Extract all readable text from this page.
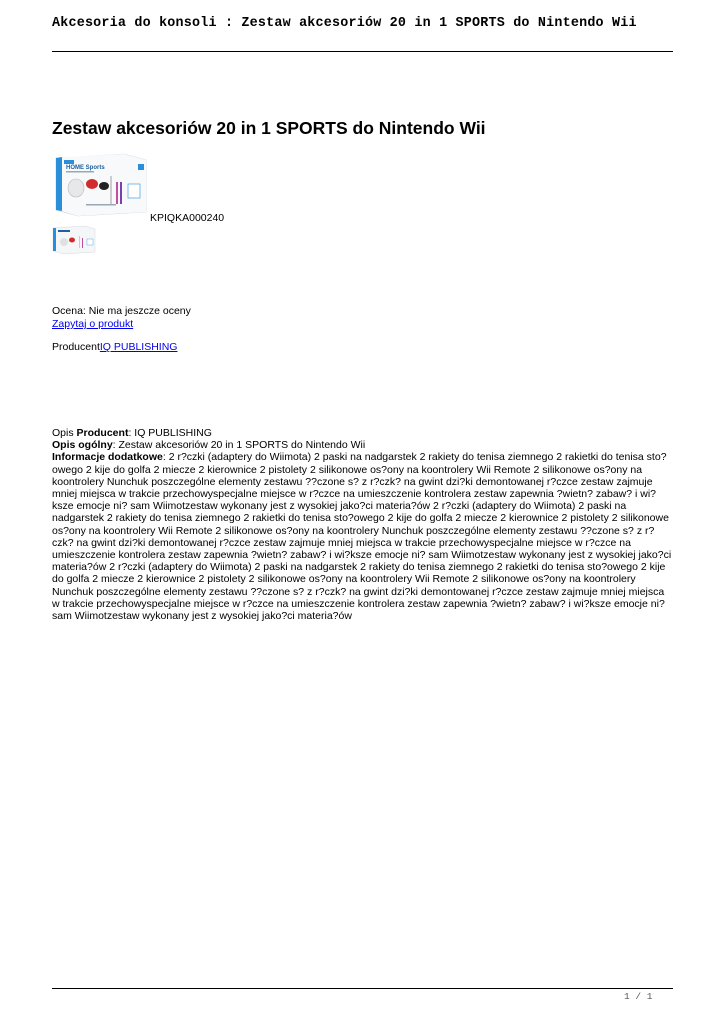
Akcesoria do konsoli : Zestaw akcesoriów 20 in 1 SPORTS do Nintendo Wii
Zestaw akcesoriów 20 in 1 SPORTS do Nintendo Wii
HOME Sports
KPIQKA000240
Ocena: Nie ma jeszcze oceny
Zapytaj o produkt
ProducentIQ PUBLISHING

Opis Producent: IQ PUBLISHING

Opis ogólny: Zestaw akcesoriów 20 in 1 SPORTS do Nintendo Wii

Informacje dodatkowe: 2 r?czki (adaptery do Wiimota) 2 paski na nadgarstek 2 rakiety do tenisa ziemnego 2 rakietki do tenisa sto?owego 2 kije do golfa 2 miecze 2 kierownice 2 pistolety 2 silikonowe os?ony na koontrolery Wii Remote 2 silikonowe os?ony na koontrolery Nunchuk poszczególne elementy zestawu ??czone s? z r?czk? na gwint dzi?ki demontowanej r?czce zestaw zajmuje mniej miejsca w trakcie przechowyspecjalne miejsce w r?czce na umieszczenie kontrolera zestaw zapewnia ?wietn? zabaw? i wi?ksze emocje ni? sam Wiimotzestaw wykonany jest z wysokiej jako?ci materia?ów 2 r?czki (adaptery do Wiimota) 2 paski na nadgarstek 2 rakiety do tenisa ziemnego 2 rakietki do tenisa sto?owego 2 kije do golfa 2 miecze 2 kierownice 2 pistolety 2 silikonowe os?ony na koontrolery Wii Remote 2 silikonowe os?ony na koontrolery Nunchuk poszczególne elementy zestawu ??czone s? z r?czk? na gwint dzi?ki demontowanej r?czce zestaw zajmuje mniej miejsca w trakcie przechowyspecjalne miejsce w r?czce na umieszczenie kontrolera zestaw zapewnia ?wietn? zabaw? i wi?ksze emocje ni? sam Wiimotzestaw wykonany jest z wysokiej jako?ci materia?ów 2 r?czki (adaptery do Wiimota) 2 paski na nadgarstek 2 rakiety do tenisa ziemnego 2 rakietki do tenisa sto?owego 2 kije do golfa 2 miecze 2 kierownice 2 pistolety 2 silikonowe os?ony na koontrolery Wii Remote 2 silikonowe os?ony na koontrolery Nunchuk poszczególne elementy zestawu ??czone s? z r?czk? na gwint dzi?ki demontowanej r?czce zestaw zajmuje mniej miejsca w trakcie przechowyspecjalne miejsce w r?czce na umieszczenie kontrolera zestaw zapewnia ?wietn? zabaw? i wi?ksze emocje ni? sam Wiimotzestaw wykonany jest z wysokiej jako?ci materia?ów

1 / 1
